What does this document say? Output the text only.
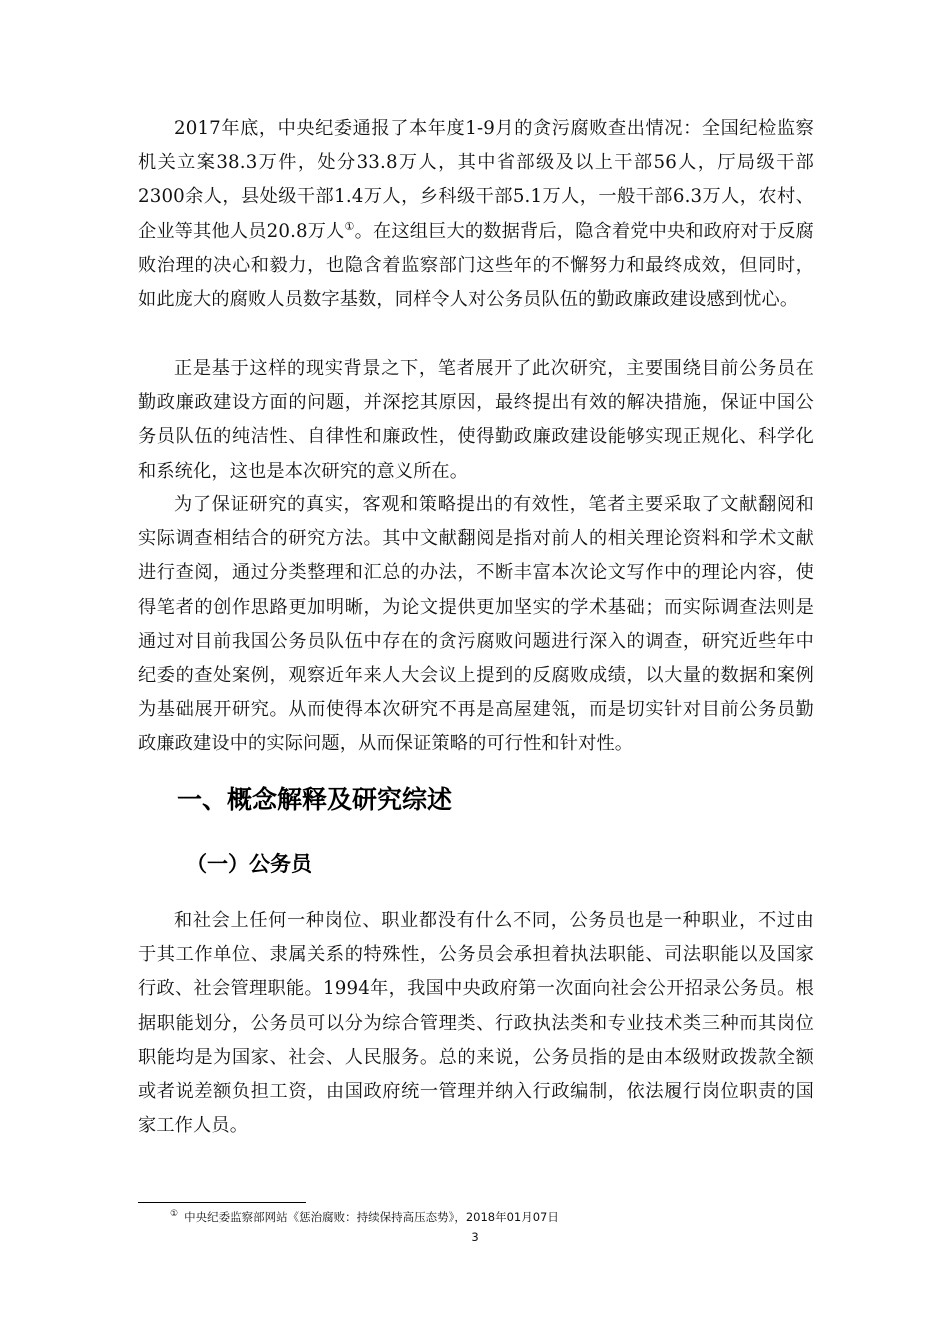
2017年底，中央纪委通报了本年度1-9月的贪污腐败查出情况：全国纪检监察机关立案38.3万件，处分33.8万人，其中省部级及以上干部56人，厅局级干部2300余人，县处级干部1.4万人，乡科级干部5.1万人，一般干部6.3万人，农村、企业等其他人员20.8万人①。在这组巨大的数据背后，隐含着党中央和政府对于反腐败治理的决心和毅力，也隐含着监察部门这些年的不懈努力和最终成效，但同时，如此庞大的腐败人员数字基数，同样令人对公务员队伍的勤政廉政建设感到忧心。

正是基于这样的现实背景之下，笔者展开了此次研究，主要围绕目前公务员在勤政廉政建设方面的问题，并深挖其原因，最终提出有效的解决措施，保证中国公务员队伍的纯洁性、自律性和廉政性，使得勤政廉政建设能够实现正规化、科学化和系统化，这也是本次研究的意义所在。

为了保证研究的真实，客观和策略提出的有效性，笔者主要采取了文献翻阅和实际调查相结合的研究方法。其中文献翻阅是指对前人的相关理论资料和学术文献进行查阅，通过分类整理和汇总的办法，不断丰富本次论文写作中的理论内容，使得笔者的创作思路更加明晰，为论文提供更加坚实的学术基础；而实际调查法则是通过对目前我国公务员队伍中存在的贪污腐败问题进行深入的调查，研究近些年中纪委的查处案例，观察近年来人大会议上提到的反腐败成绩，以大量的数据和案例为基础展开研究。从而使得本次研究不再是高屋建瓴，而是切实针对目前公务员勤政廉政建设中的实际问题，从而保证策略的可行性和针对性。

一、概念解释及研究综述
（一）公务员

和社会上任何一种岗位、职业都没有什么不同，公务员也是一种职业，不过由于其工作单位、隶属关系的特殊性，公务员会承担着执法职能、司法职能以及国家行政、社会管理职能。1994年，我国中央政府第一次面向社会公开招录公务员。根据职能划分，公务员可以分为综合管理类、行政执法类和专业技术类三种而其岗位职能均是为国家、社会、人民服务。总的来说，公务员指的是由本级财政拨款全额或者说差额负担工资，由国政府统一管理并纳入行政编制，依法履行岗位职责的国家工作人员。

① 中央纪委监察部网站《惩治腐败：持续保持高压态势》，2018年01月07日

3
